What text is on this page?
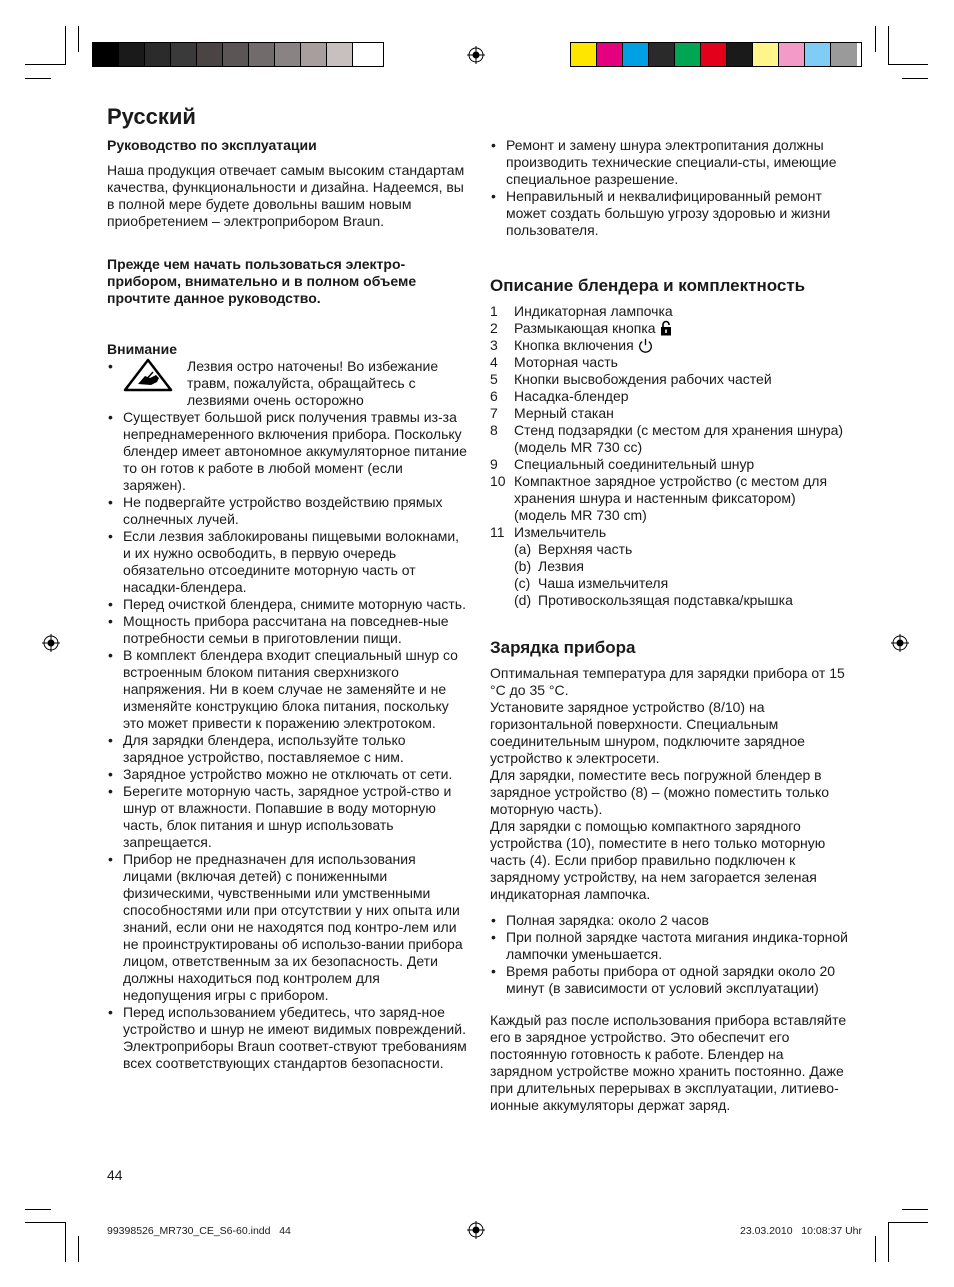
Русский

Руководство по эксплуатации

Наша продукция отвечает самым высоким стандартам качества, функциональности и дизайна. Надеемся, вы в полной мере будете довольны вашим новым приобретением – электроприбором Braun.

Прежде чем начать пользоваться электро-прибором, внимательно и в полном объеме прочтите данное руководство.

Внимание

• Лезвия остро наточены! Во избежание травм, пожалуйста, обращайтесь с лезвиями очень осторожно
• Существует большой риск получения травмы из-за непреднамеренного включения прибора. Поскольку блендер имеет автономное аккумуляторное питание то он готов к работе в любой момент (если заряжен).
• Не подвергайте устройство воздействию прямых солнечных лучей.
• Если лезвия заблокированы пищевыми волокнами, и их нужно освободить, в первую очередь обязательно отсоедините моторную часть от насадки-блендера.
• Перед очисткой блендера, снимите моторную часть.
• Мощность прибора рассчитана на повседнев-ные потребности семьи в приготовлении пищи.
• В комплект блендера входит специальный шнур со встроенным блоком питания сверхнизкого напряжения. Ни в коем случае не заменяйте и не изменяйте конструкцию блока питания, поскольку это может привести к поражению электротоком.
• Для зарядки блендера, используйте только зарядное устройство, поставляемое с ним.
• Зарядное устройство можно не отключать от сети.
• Берегите моторную часть, зарядное устрой-ство и шнур от влажности. Попавшие в воду моторную часть, блок питания и шнур использовать запрещается.
• Прибор не предназначен для использования лицами (включая детей) с пониженными физическими, чувственными или умственными способностями или при отсутствии у них опыта или знаний, если они не находятся под контро-лем или не проинструктированы об использо-вании прибора лицом, ответственным за их безопасность. Дети должны находиться под контролем для недопущения игры с прибором.
• Перед использованием убедитесь, что заряд-ное устройство и шнур не имеют видимых повреждений. Электроприборы Braun соответ-ствуют требованиям всех соответствующих стандартов безопасности.
• Ремонт и замену шнура электропитания должны производить технические специали-сты, имеющие специальное разрешение.
• Неправильный и неквалифицированный ремонт может создать большую угрозу здоровью и жизни пользователя.

Описание блендера и комплектность

1	Индикаторная лампочка
2	Размыкающая кнопка
3	Кнопка включения
4	Моторная часть
5	Кнопки высвобождения рабочих частей
6	Насадка-блендер
7	Мерный стакан
8	Стенд подзарядки (с местом для хранения шнура) (модель MR 730 cc)
9	Специальный соединительный шнур
10 Компактное зарядное устройство (с местом для хранения шнура и настенным фиксатором) (модель MR 730 cm)
11 Измельчитель
(a) Верхняя часть
(b) Лезвия
(c) Чаша измельчителя
(d) Противоскользящая подставка/крышка

Зарядка прибора

Оптимальная температура для зарядки прибора от 15 °C до 35 °C.
Установите зарядное устройство (8/10) на горизонтальной поверхности. Специальным соединительным шнуром, подключите зарядное устройство к электросети.
Для зарядки, поместите весь погружной блендер в зарядное устройство (8) – (можно поместить только моторную часть).
Для зарядки с помощью компактного зарядного устройства (10), поместите в него только моторную часть (4). Если прибор правильно подключен к зарядному устройству, на нем загорается зеленая индикаторная лампочка.

• Полная зарядка: около 2 часов
• При полной зарядке частота мигания индика-торной лампочки уменьшается.
• Время работы прибора от одной зарядки около 20 минут (в зависимости от условий эксплуатации)

Каждый раз после использования прибора вставляйте его в зарядное устройство. Это обеспечит его постоянную готовность к работе. Блендер на зарядном устройстве можно хранить постоянно. Даже при длительных перерывах в эксплуатации, литиево-ионные аккумуляторы держат заряд.

44
99398526_MR730_CE_S6-60.indd   44	23.03.2010   10:08:37 Uhr
